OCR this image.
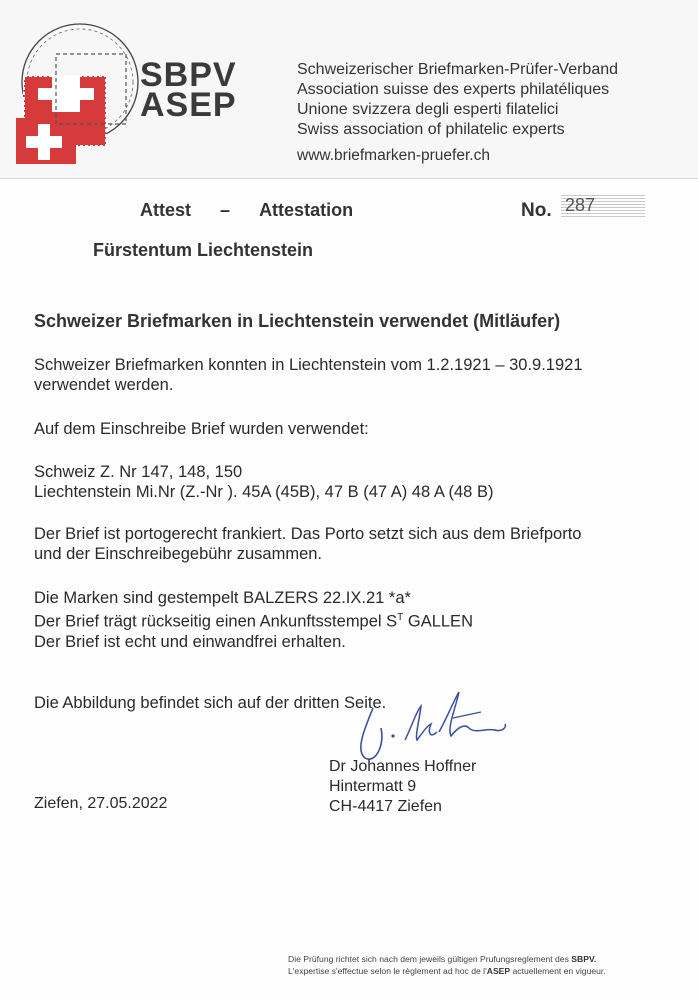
SBPV

ASEP

Schweizerischer Briefmarken-Prüfer-Verband
Association suisse des experts philatéliques
Unione svizzera degli esperti filatelici
Swiss association of philatelic experts
www.briefmarken-pruefer.ch
Attest – Attestation	No. 287
Fürstentum Liechtenstein
Schweizer Briefmarken in Liechtenstein verwendet (Mitläufer)
Schweizer Briefmarken konnten in Liechtenstein vom 1.2.1921 – 30.9.1921
verwendet werden.
Auf dem Einschreibe Brief wurden verwendet:
Schweiz Z. Nr 147, 148, 150
Liechtenstein Mi.Nr (Z.-Nr ). 45A (45B), 47 B (47 A) 48 A (48 B)
Der Brief ist portogerecht frankiert. Das Porto setzt sich aus dem Briefporto
und der Einschreibegebühr zusammen.
Die Marken sind gestempelt BALZERS 22.IX.21 *a*
Der Brief trägt rückseitig einen Ankunftsstempel $S^T$ GALLEN
Der Brief ist echt und einwandfrei erhalten.
Die Abbildung befindet sich auf der dritten Seite.
Dr Johannes Hoffner
Hintermatt 9
CH-4417 Ziefen
Ziefen, 27.05.2022
Die Prüfung richtet sich nach dem jeweils gültigen Prufungsreglement des SBPV.
L'expertise s'effectue selon le règlement ad hoc de l'ASEP actuellement en vigueur.
